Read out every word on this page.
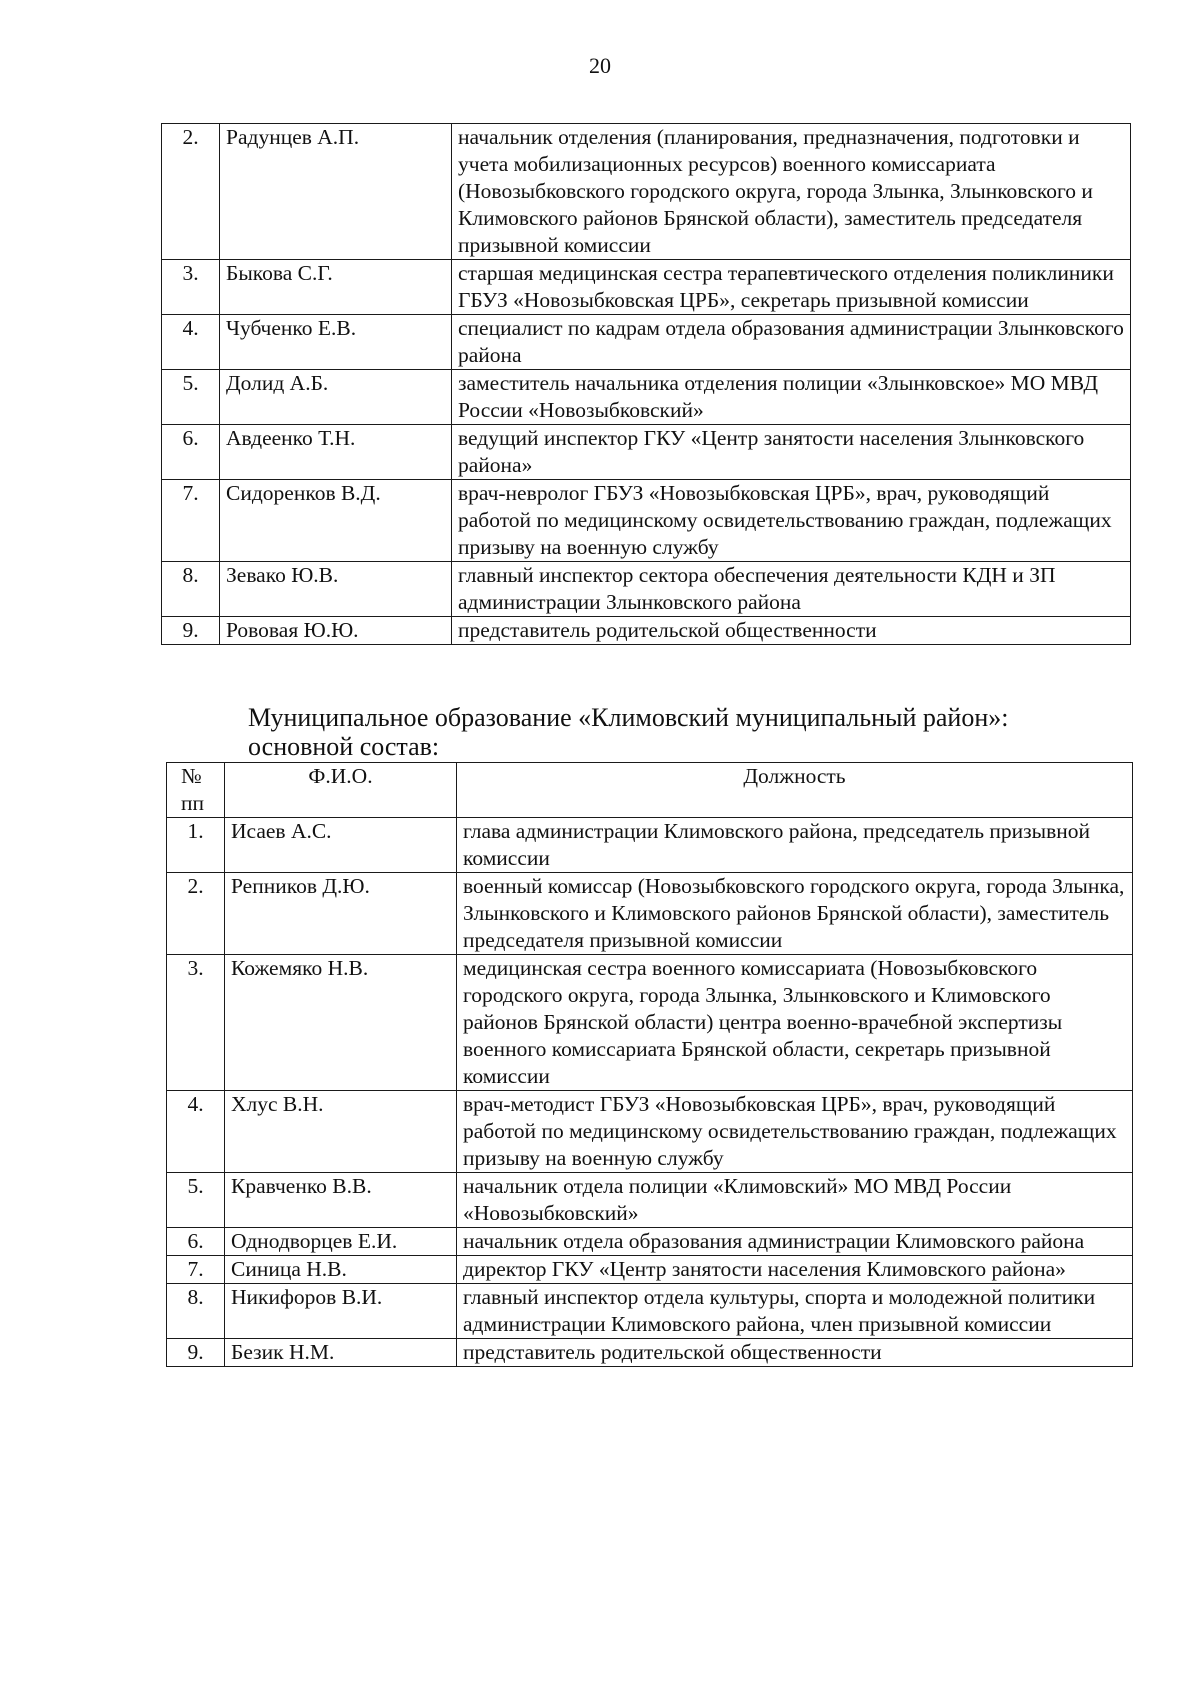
20
2.	Радунцев А.П.	начальник отделения (планирования, предназначения, подготовки и учета мобилизационных ресурсов) военного комиссариата (Новозыбковского городского округа, города Злынка, Злынковского и Климовского районов Брянской области), заместитель председателя призывной комиссии
3.	Быкова С.Г.	старшая медицинская сестра терапевтического отделения поликлиники ГБУЗ «Новозыбковская ЦРБ», секретарь призывной комиссии
4.	Чубченко Е.В.	специалист по кадрам отдела образования администрации Злынковского района
5.	Долид А.Б.	заместитель начальника отделения полиции «Злынковское» МО МВД России «Новозыбковский»
6.	Авдеенко Т.Н.	ведущий инспектор ГКУ «Центр занятости населения Злынковского района»
7.	Сидоренков В.Д.	врач-невролог ГБУЗ «Новозыбковская ЦРБ», врач, руководящий работой по медицинскому освидетельствованию граждан, подлежащих призыву на военную службу
8.	Зевако Ю.В.	главный инспектор сектора обеспечения деятельности КДН и ЗП администрации Злынковского района
9.	Рововая Ю.Ю.	представитель родительской общественности
Муниципальное образование «Климовский муниципальный район»:
основной состав:
№ пп	Ф.И.О.	Должность
1.	Исаев А.С.	глава администрации Климовского района, председатель призывной комиссии
2.	Репников Д.Ю.	военный комиссар (Новозыбковского городского округа, города Злынка, Злынковского и Климовского районов Брянской области), заместитель председателя призывной комиссии
3.	Кожемяко Н.В.	медицинская сестра военного комиссариата (Новозыбковского городского округа, города Злынка, Злынковского и Климовского районов Брянской области) центра военно-врачебной экспертизы военного комиссариата Брянской области, секретарь призывной комиссии
4.	Хлус В.Н.	врач-методист ГБУЗ «Новозыбковская ЦРБ», врач, руководящий работой по медицинскому освидетельствованию граждан, подлежащих призыву на военную службу
5.	Кравченко В.В.	начальник отдела полиции «Климовский» МО МВД России «Новозыбковский»
6.	Однодворцев Е.И.	начальник отдела образования администрации Климовского района
7.	Синица Н.В.	директор ГКУ «Центр занятости населения Климовского района»
8.	Никифоров В.И.	главный инспектор отдела культуры, спорта и молодежной политики администрации Климовского района, член призывной комиссии
9.	Безик Н.М.	представитель родительской общественности
